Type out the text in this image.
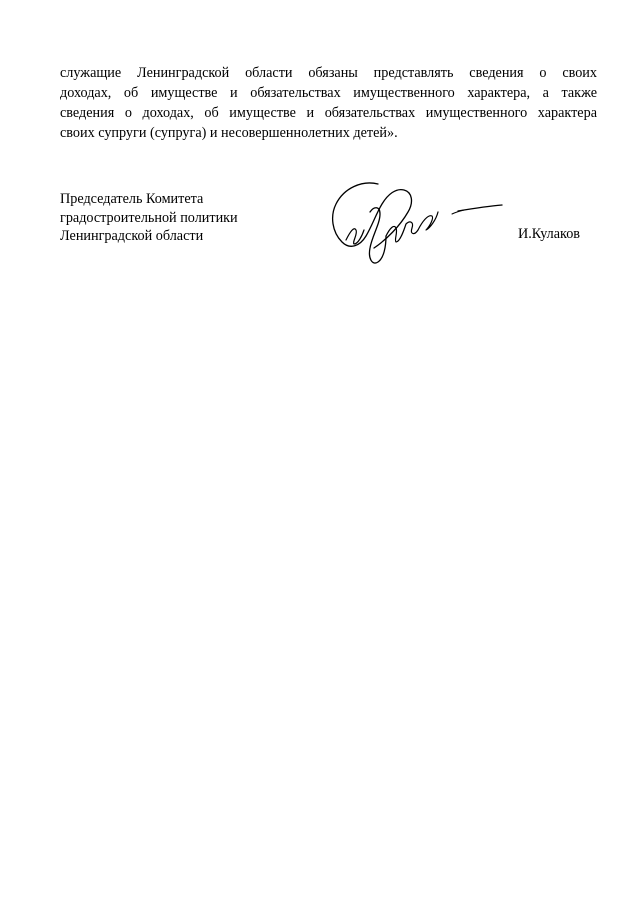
служащие Ленинградской области обязаны представлять сведения о своих
доходах, об имуществе и обязательствах имущественного характера, а также
сведения о доходах, об имуществе и обязательствах имущественного характера
своих супруги (супруга) и несовершеннолетних детей».
Председатель Комитета
градостроительной политики
Ленинградской области	И.Кулаков
